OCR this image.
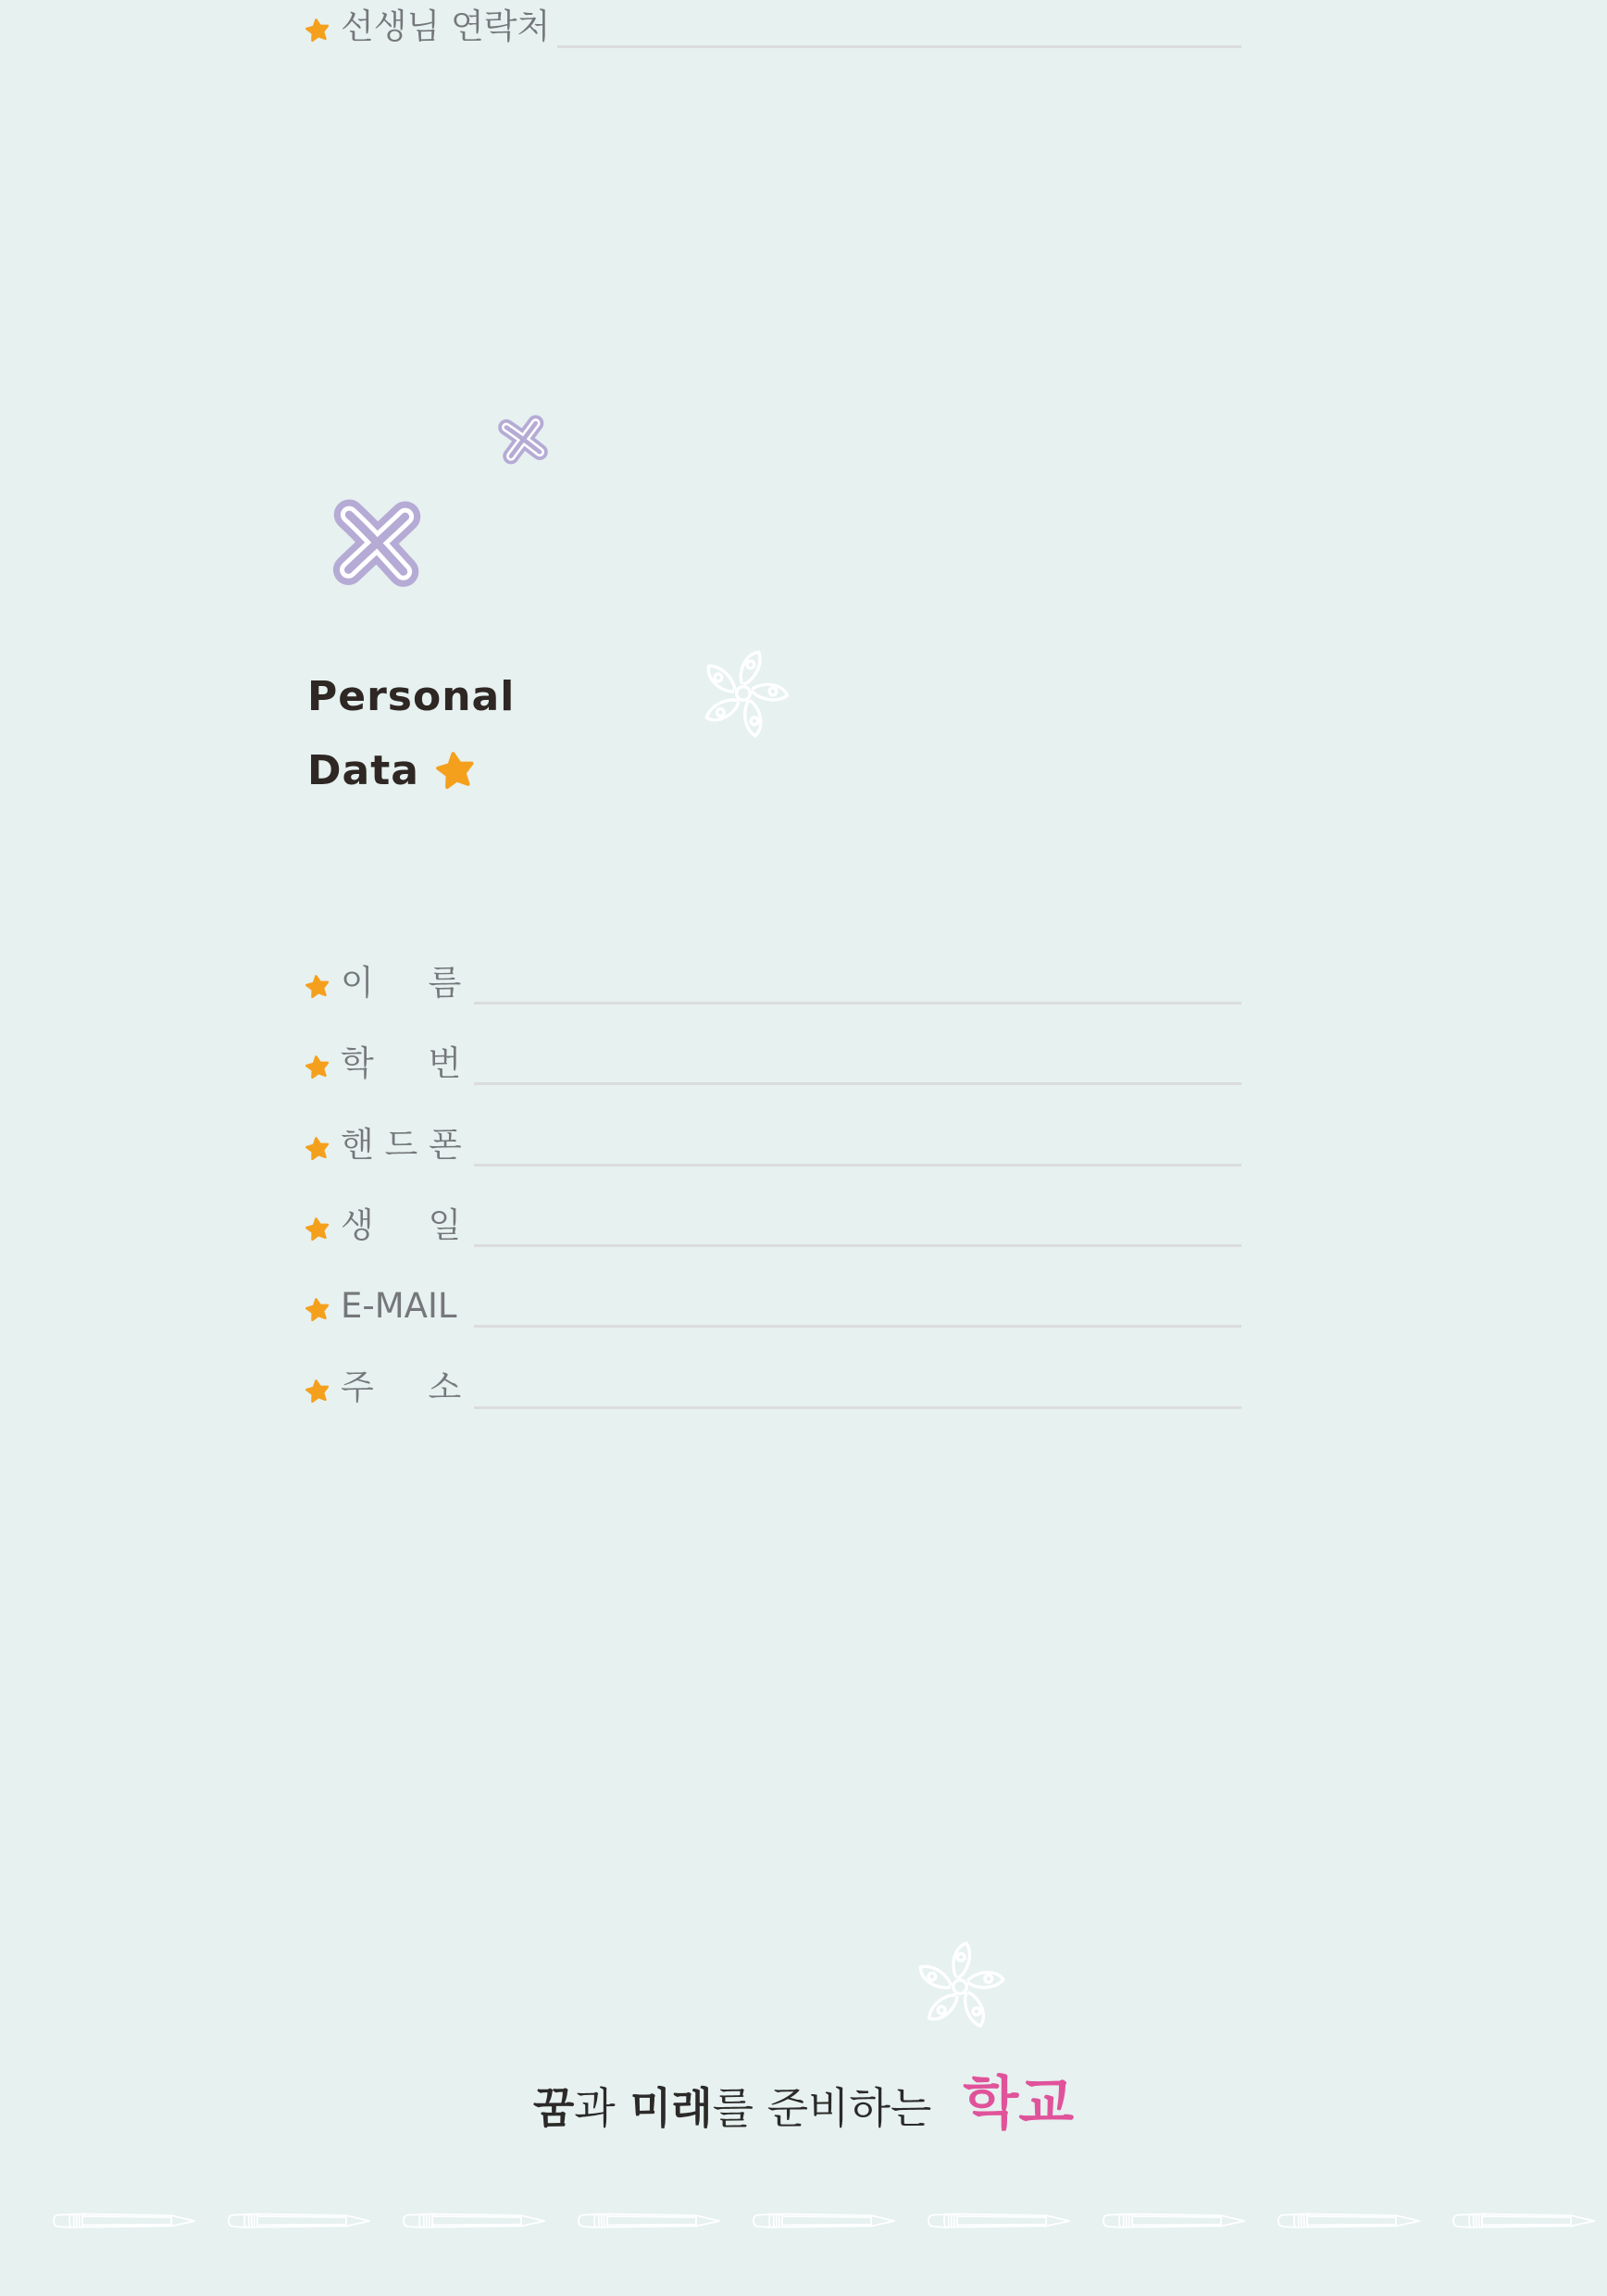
Personal
Data
이     름
학     번
핸 드 폰
생     일
E-MAIL
주     소
선생님 연락처
꿈 과 미래 를 준비하는 학교
